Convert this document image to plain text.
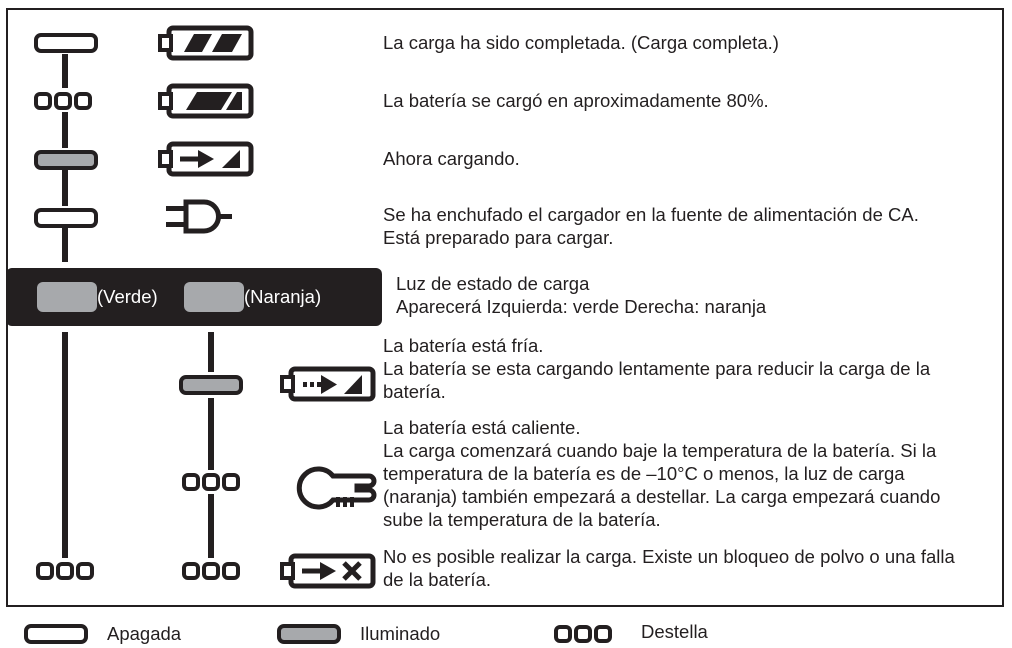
La carga ha sido completada. (Carga completa.)
La batería se cargó en aproximadamente 80%.
Ahora cargando.
Se ha enchufado el cargador en la fuente de alimentación de CA.
Está preparado para cargar.
La batería está fría.
La batería se esta cargando lentamente para reducir la carga de la
batería.
La batería está caliente.
La carga comenzará cuando baje la temperatura de la batería. Si la
temperatura de la batería es de –10°C o menos, la luz de carga
(naranja) también empezará a destellar. La carga empezará cuando
sube la temperatura de la batería.
No es posible realizar la carga. Existe un bloqueo de polvo o una falla
de la batería.
(Verde)	(Naranja)
Luz de estado de carga
Aparecerá Izquierda: verde Derecha: naranja
Apagada	Iluminado	Destella
